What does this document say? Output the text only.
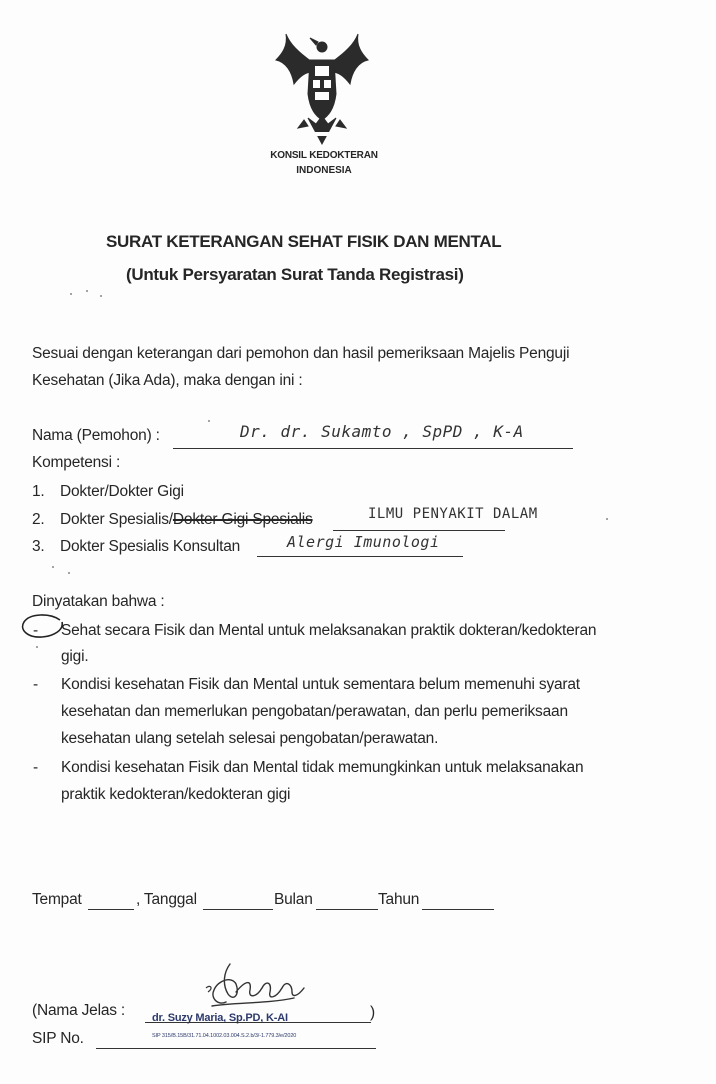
KONSIL KEDOKTERAN
INDONESIA
SURAT KETERANGAN SEHAT FISIK DAN MENTAL
(Untuk Persyaratan Surat Tanda Registrasi)
Sesuai dengan keterangan dari pemohon dan hasil pemeriksaan Majelis Penguji
Kesehatan (Jika Ada), maka dengan ini :
Nama (Pemohon) :	Dr. dr. Sukamto , SpPD , K-A
Kompetensi :
1. Dokter/Dokter Gigi
2. Dokter Spesialis/Dokter Gigi Spesialis	ILMU PENYAKIT DALAM
3. Dokter Spesialis Konsultan	Alergi Imunologi
Dinyatakan bahwa :
- Sehat secara Fisik dan Mental untuk melaksanakan praktik dokteran/kedokteran
gigi.
- Kondisi kesehatan Fisik dan Mental untuk sementara belum memenuhi syarat
kesehatan dan memerlukan pengobatan/perawatan, dan perlu pemeriksaan
kesehatan ulang setelah selesai pengobatan/perawatan.
- Kondisi kesehatan Fisik dan Mental tidak memungkinkan untuk melaksanakan
praktik kedokteran/kedokteran gigi
Tempat	, Tanggal	Bulan	Tahun
(Nama Jelas : dr. Suzy Maria, Sp.PD, K-AI	)
SIP No.	SIP 315/B.15B/31.71.04.1002.03.004.S.2.b/3/-1.779.3/e/2020
